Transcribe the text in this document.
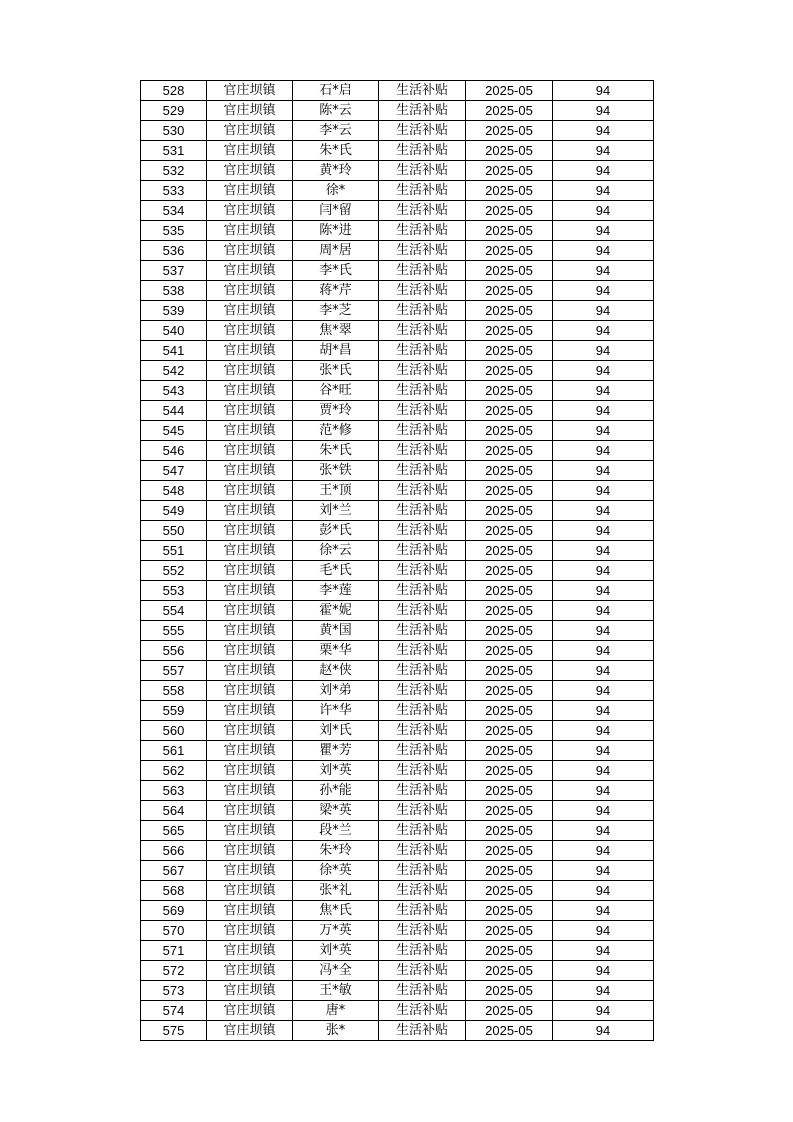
528	官庄坝镇	石*启	生活补贴	2025-05	94
529	官庄坝镇	陈*云	生活补贴	2025-05	94
530	官庄坝镇	李*云	生活补贴	2025-05	94
531	官庄坝镇	朱*氏	生活补贴	2025-05	94
532	官庄坝镇	黄*玲	生活补贴	2025-05	94
533	官庄坝镇	徐*	生活补贴	2025-05	94
534	官庄坝镇	闫*留	生活补贴	2025-05	94
535	官庄坝镇	陈*进	生活补贴	2025-05	94
536	官庄坝镇	周*居	生活补贴	2025-05	94
537	官庄坝镇	李*氏	生活补贴	2025-05	94
538	官庄坝镇	蒋*芹	生活补贴	2025-05	94
539	官庄坝镇	李*芝	生活补贴	2025-05	94
540	官庄坝镇	焦*翠	生活补贴	2025-05	94
541	官庄坝镇	胡*昌	生活补贴	2025-05	94
542	官庄坝镇	张*氏	生活补贴	2025-05	94
543	官庄坝镇	谷*旺	生活补贴	2025-05	94
544	官庄坝镇	贾*玲	生活补贴	2025-05	94
545	官庄坝镇	范*修	生活补贴	2025-05	94
546	官庄坝镇	朱*氏	生活补贴	2025-05	94
547	官庄坝镇	张*铁	生活补贴	2025-05	94
548	官庄坝镇	王*顶	生活补贴	2025-05	94
549	官庄坝镇	刘*兰	生活补贴	2025-05	94
550	官庄坝镇	彭*氏	生活补贴	2025-05	94
551	官庄坝镇	徐*云	生活补贴	2025-05	94
552	官庄坝镇	毛*氏	生活补贴	2025-05	94
553	官庄坝镇	李*莲	生活补贴	2025-05	94
554	官庄坝镇	霍*妮	生活补贴	2025-05	94
555	官庄坝镇	黄*国	生活补贴	2025-05	94
556	官庄坝镇	栗*华	生活补贴	2025-05	94
557	官庄坝镇	赵*侠	生活补贴	2025-05	94
558	官庄坝镇	刘*弟	生活补贴	2025-05	94
559	官庄坝镇	许*华	生活补贴	2025-05	94
560	官庄坝镇	刘*氏	生活补贴	2025-05	94
561	官庄坝镇	瞿*芳	生活补贴	2025-05	94
562	官庄坝镇	刘*英	生活补贴	2025-05	94
563	官庄坝镇	孙*能	生活补贴	2025-05	94
564	官庄坝镇	梁*英	生活补贴	2025-05	94
565	官庄坝镇	段*兰	生活补贴	2025-05	94
566	官庄坝镇	朱*玲	生活补贴	2025-05	94
567	官庄坝镇	徐*英	生活补贴	2025-05	94
568	官庄坝镇	张*礼	生活补贴	2025-05	94
569	官庄坝镇	焦*氏	生活补贴	2025-05	94
570	官庄坝镇	万*英	生活补贴	2025-05	94
571	官庄坝镇	刘*英	生活补贴	2025-05	94
572	官庄坝镇	冯*全	生活补贴	2025-05	94
573	官庄坝镇	王*敏	生活补贴	2025-05	94
574	官庄坝镇	唐*	生活补贴	2025-05	94
575	官庄坝镇	张*	生活补贴	2025-05	94
